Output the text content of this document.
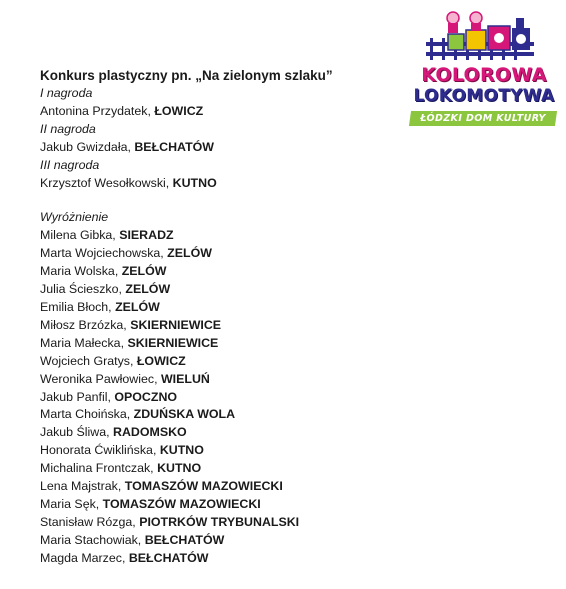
KOLOROWA
LOKOMOTYWA
ŁÓDZKI DOM KULTURY
Konkurs plastyczny pn. „Na zielonym szlaku”
I nagroda
Antonina Przydatek, ŁOWICZ
II nagroda
Jakub Gwizdała, BEŁCHATÓW
III nagroda
Krzysztof Wesołkowski, KUTNO
Wyróżnienie
Milena Gibka, SIERADZ
Marta Wojciechowska, ZELÓW
Maria Wolska, ZELÓW
Julia Ścieszko, ZELÓW
Emilia Błoch, ZELÓW
Miłosz Brzózka, SKIERNIEWICE
Maria Małecka, SKIERNIEWICE
Wojciech Gratys, ŁOWICZ
Weronika Pawłowiec, WIELUŃ
Jakub Panfil, OPOCZNO
Marta Choińska, ZDUŃSKA WOLA
Jakub Śliwa, RADOMSKO
Honorata Ćwiklińska, KUTNO
Michalina Frontczak, KUTNO
Lena Majstrak, TOMASZÓW MAZOWIECKI
Maria Sęk, TOMASZÓW MAZOWIECKI
Stanisław Rózga, PIOTRKÓW TRYBUNALSKI
Maria Stachowiak, BEŁCHATÓW
Magda Marzec, BEŁCHATÓW
